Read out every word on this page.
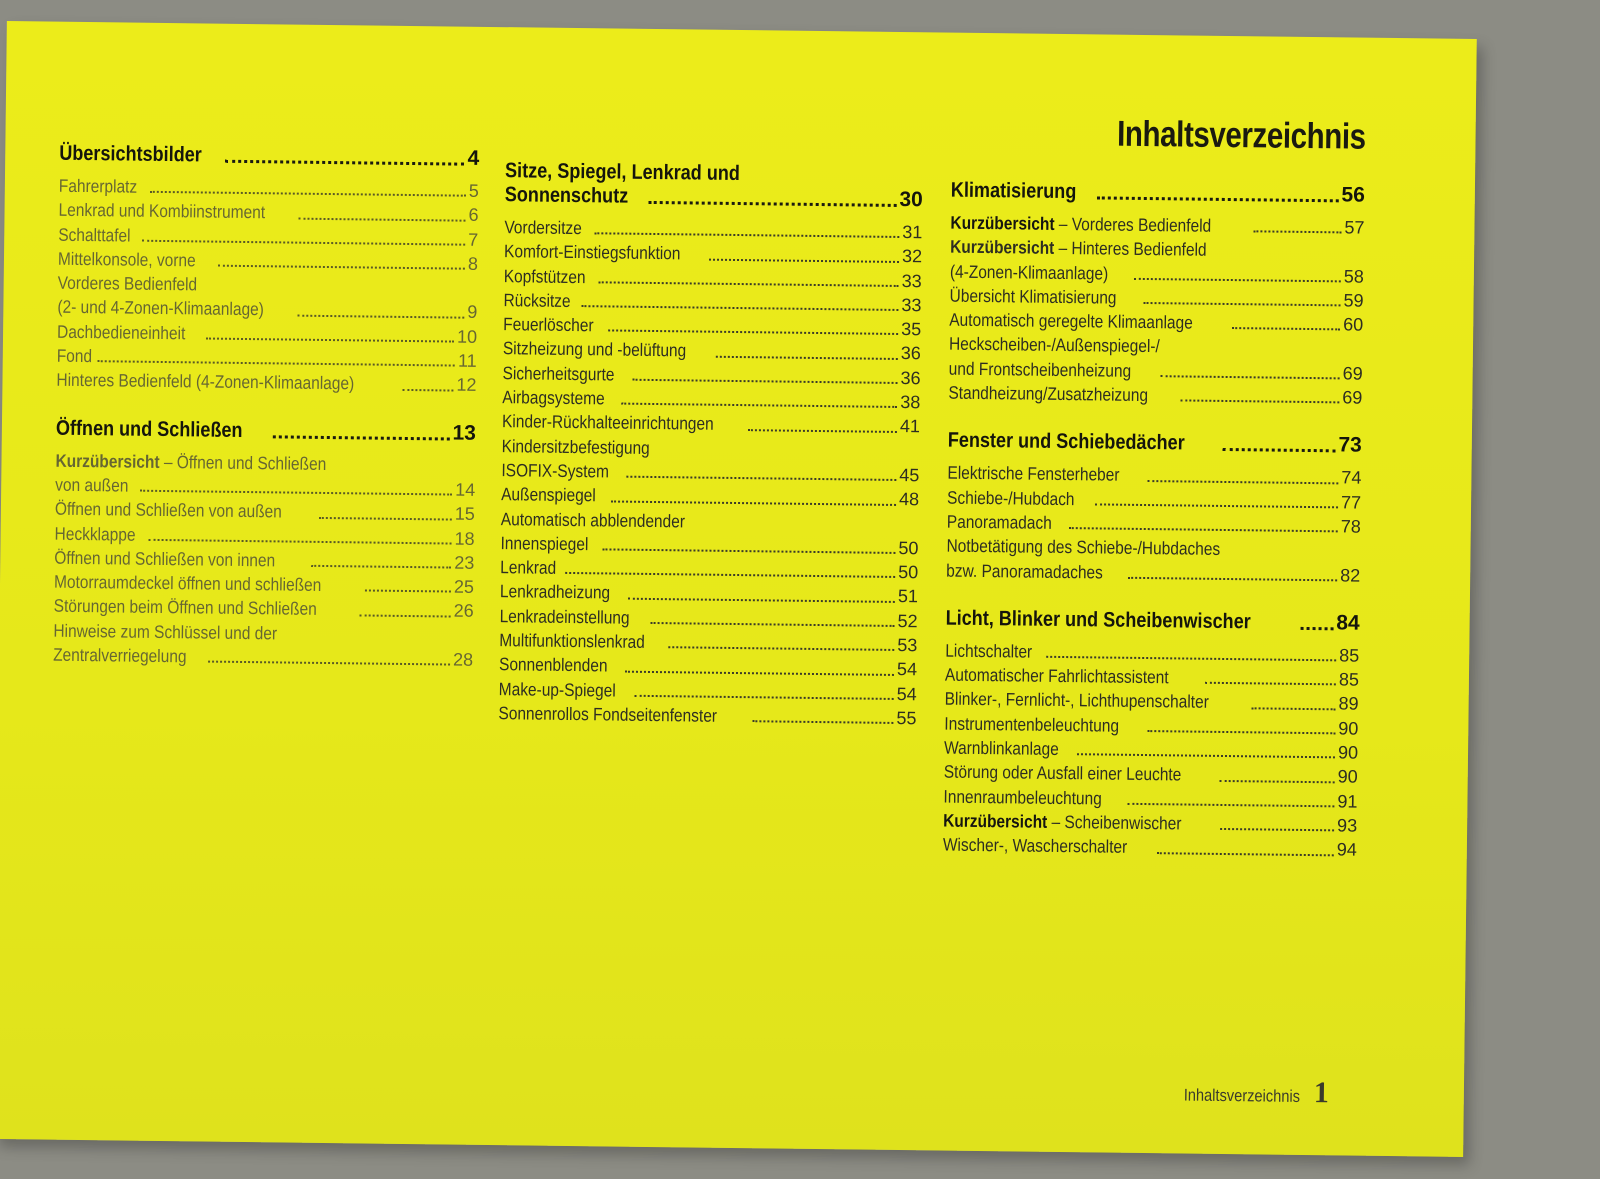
Inhaltsverzeichnis
Übersichtsbilder	4
Fahrerplatz	5
Lenkrad und Kombiinstrument	6
Schalttafel	7
Mittelkonsole, vorne	8
Vorderes Bedienfeld
(2- und 4-Zonen-Klimaanlage)	9
Dachbedieneinheit	10
Fond	11
Hinteres Bedienfeld (4-Zonen-Klimaanlage)	12
Öffnen und Schließen	13
Kurzübersicht – Öffnen und Schließen
von außen	14
Öffnen und Schließen von außen	15
Heckklappe	18
Öffnen und Schließen von innen	23
Motorraumdeckel öffnen und schließen	25
Störungen beim Öffnen und Schließen	26
Hinweise zum Schlüssel und der
Zentralverriegelung	28
Sitze, Spiegel, Lenkrad und
Sonnenschutz	30
Vordersitze	31
Komfort-Einstiegsfunktion	32
Kopfstützen	33
Rücksitze	33
Feuerlöscher	35
Sitzheizung und -belüftung	36
Sicherheitsgurte	36
Airbagsysteme	38
Kinder-Rückhalteeinrichtungen	41
Kindersitzbefestigung
ISOFIX-System	45
Außenspiegel	48
Automatisch abblendender
Innenspiegel	50
Lenkrad	50
Lenkradheizung	51
Lenkradeinstellung	52
Multifunktionslenkrad	53
Sonnenblenden	54
Make-up-Spiegel	54
Sonnenrollos Fondseitenfenster	55
Klimatisierung	56
Kurzübersicht – Vorderes Bedienfeld	57
Kurzübersicht – Hinteres Bedienfeld
(4-Zonen-Klimaanlage)	58
Übersicht Klimatisierung	59
Automatisch geregelte Klimaanlage	60
Heckscheiben-/Außenspiegel-/
und Frontscheibenheizung	69
Standheizung/Zusatzheizung	69
Fenster und Schiebedächer	73
Elektrische Fensterheber	74
Schiebe-/Hubdach	77
Panoramadach	78
Notbetätigung des Schiebe-/Hubdaches
bzw. Panoramadaches	82
Licht, Blinker und Scheibenwischer	84
Lichtschalter	85
Automatischer Fahrlichtassistent	85
Blinker-, Fernlicht-, Lichthupenschalter	89
Instrumentenbeleuchtung	90
Warnblinkanlage	90
Störung oder Ausfall einer Leuchte	90
Innenraumbeleuchtung	91
Kurzübersicht – Scheibenwischer	93
Wischer-, Wascherschalter	94
Inhaltsverzeichnis 1
